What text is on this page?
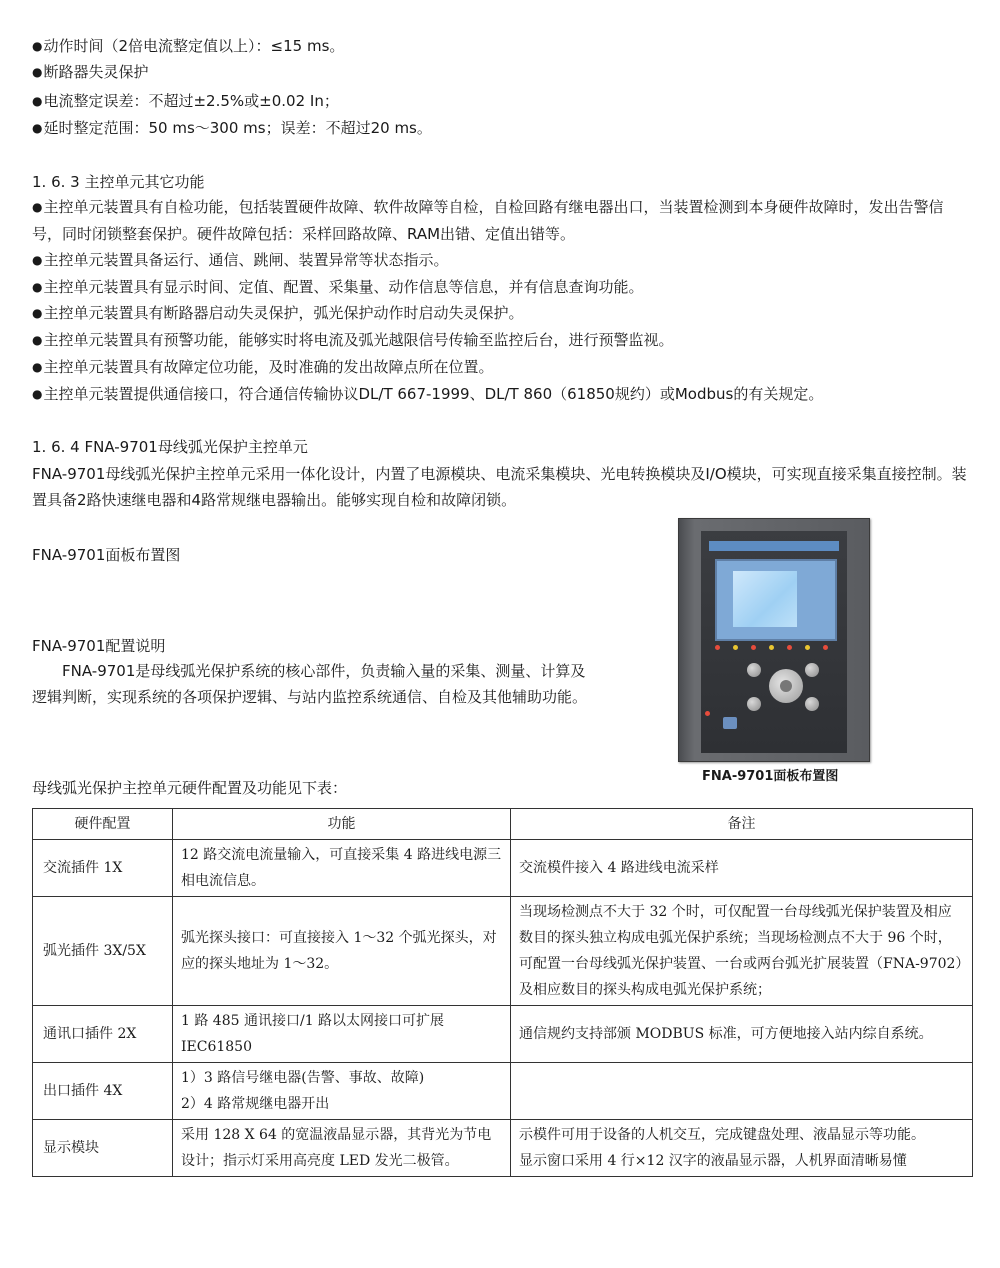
● 动作时间（2倍电流整定值以上）：≤15 ms。
● 断路器失灵保护
● 电流整定误差：不超过±2.5%或±0.02 In；
● 延时整定范围：50 ms～300 ms；误差：不超过20 ms。
1. 6. 3 主控单元其它功能
● 主控单元装置具有自检功能，包括装置硬件故障、软件故障等自检，自检回路有继电器出口，当装置检测到本身硬件故障时，发出告警信号，同时闭锁整套保护。硬件故障包括：采样回路故障、RAM出错、定值出错等。
● 主控单元装置具备运行、通信、跳闸、装置异常等状态指示。
● 主控单元装置具有显示时间、定值、配置、采集量、动作信息等信息，并有信息查询功能。
● 主控单元装置具有断路器启动失灵保护，弧光保护动作时启动失灵保护。
● 主控单元装置具有预警功能，能够实时将电流及弧光越限信号传输至监控后台，进行预警监视。
● 主控单元装置具有故障定位功能，及时准确的发出故障点所在位置。
● 主控单元装置提供通信接口，符合通信传输协议DL/T 667-1999、DL/T 860（61850规约）或Modbus的有关规定。
1. 6. 4 FNA-9701母线弧光保护主控单元
FNA-9701母线弧光保护主控单元采用一体化设计，内置了电源模块、电流采集模块、光电转换模块及I/O模块，可实现直接采集直接控制。装置具备2路快速继电器和4路常规继电器输出。能够实现自检和故障闭锁。
FNA-9701面板布置图
FNA-9701配置说明
FNA-9701是母线弧光保护系统的核心部件，负责输入量的采集、测量、计算及逻辑判断，实现系统的各项保护逻辑、与站内监控系统通信、自检及其他辅助功能。
FNA-9701面板布置图
母线弧光保护主控单元硬件配置及功能见下表：
硬件配置	功能	备注
交流插件 1X	12 路交流电流量输入，可直接采集 4 路进线电源三相电流信息。	交流模件接入 4 路进线电流采样
弧光插件 3X/5X	弧光探头接口：可直接接入 1～32 个弧光探头，对应的探头地址为 1～32。	当现场检测点不大于 32 个时，可仅配置一台母线弧光保护装置及相应数目的探头独立构成电弧光保护系统；当现场检测点不大于 96 个时，可配置一台母线弧光保护装置、一台或两台弧光扩展装置（FNA-9702）及相应数目的探头构成电弧光保护系统；
通讯口插件 2X	1 路 485 通讯接口/1 路以太网接口可扩展 IEC61850	通信规约支持部颁 MODBUS 标准，可方便地接入站内综自系统。
出口插件 4X	1）3 路信号继电器(告警、事故、故障)
2）4 路常规继电器开出	
显示模块	采用 128 X 64 的宽温液晶显示器，其背光为节电设计；指示灯采用高亮度 LED 发光二极管。	示模件可用于设备的人机交互，完成键盘处理、液晶显示等功能。
显示窗口采用 4 行×12 汉字的液晶显示器，人机界面清晰易懂
